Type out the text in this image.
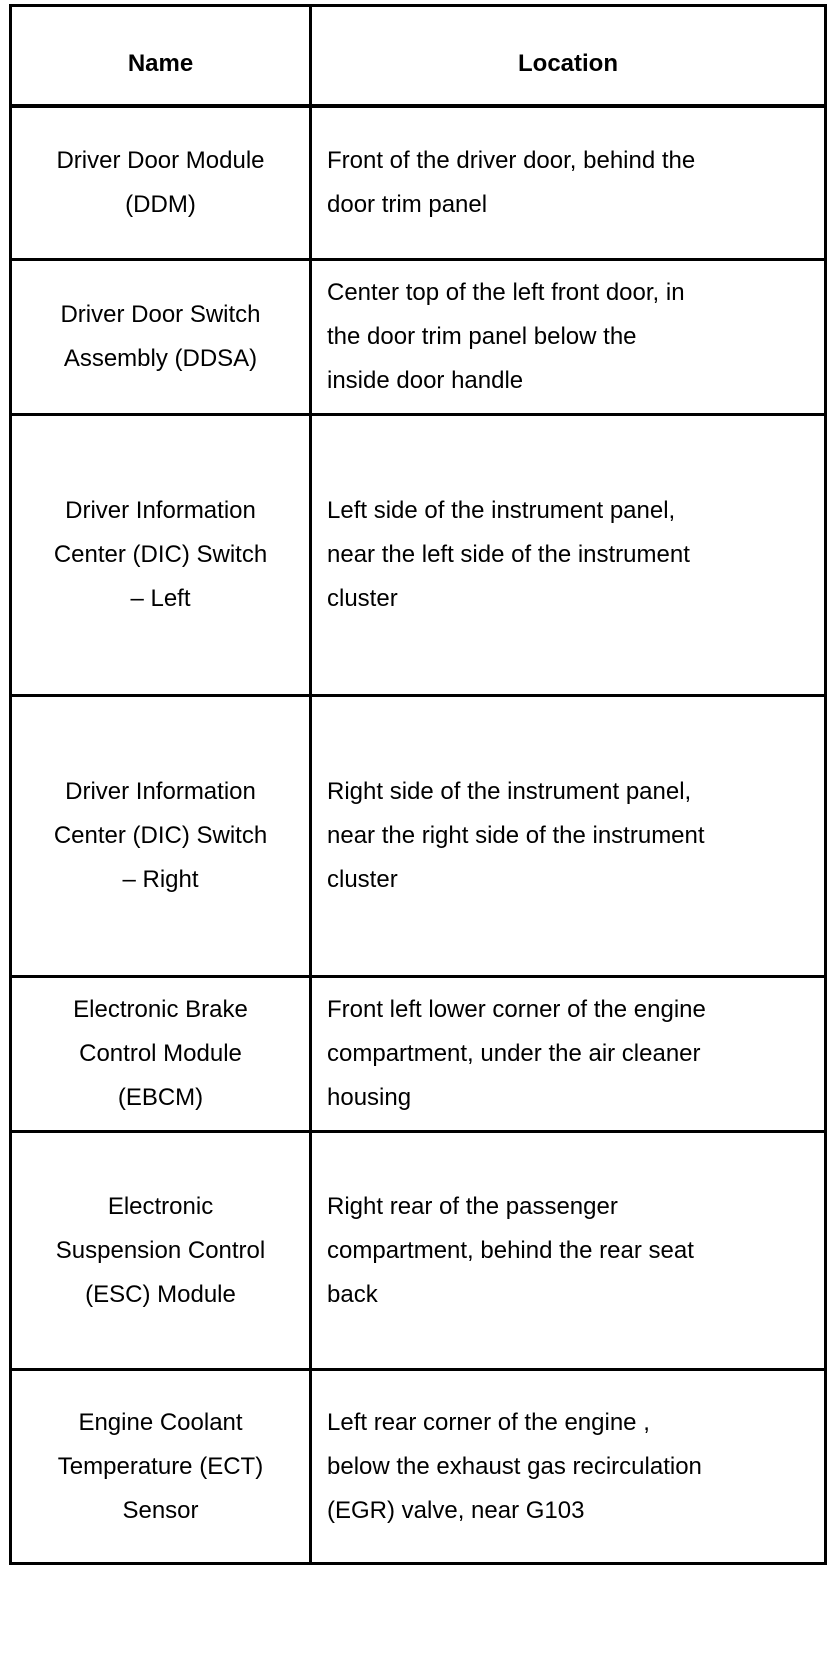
Name	Location

Driver Door Module
(DDM)	Front of the driver door, behind the
door trim panel

Driver Door Switch
Assembly (DDSA)	Center top of the left front door, in
the door trim panel below the
inside door handle

Driver Information
Center (DIC) Switch
– Left	Left side of the instrument panel,
near the left side of the instrument
cluster

Driver Information
Center (DIC) Switch
– Right	Right side of the instrument panel,
near the right side of the instrument
cluster

Electronic Brake
Control Module
(EBCM)	Front left lower corner of the engine
compartment, under the air cleaner
housing

Electronic
Suspension Control
(ESC) Module	Right rear of the passenger
compartment, behind the rear seat
back

Engine Coolant
Temperature (ECT)
Sensor	Left rear corner of the engine ,
below the exhaust gas recirculation
(EGR) valve, near G103
